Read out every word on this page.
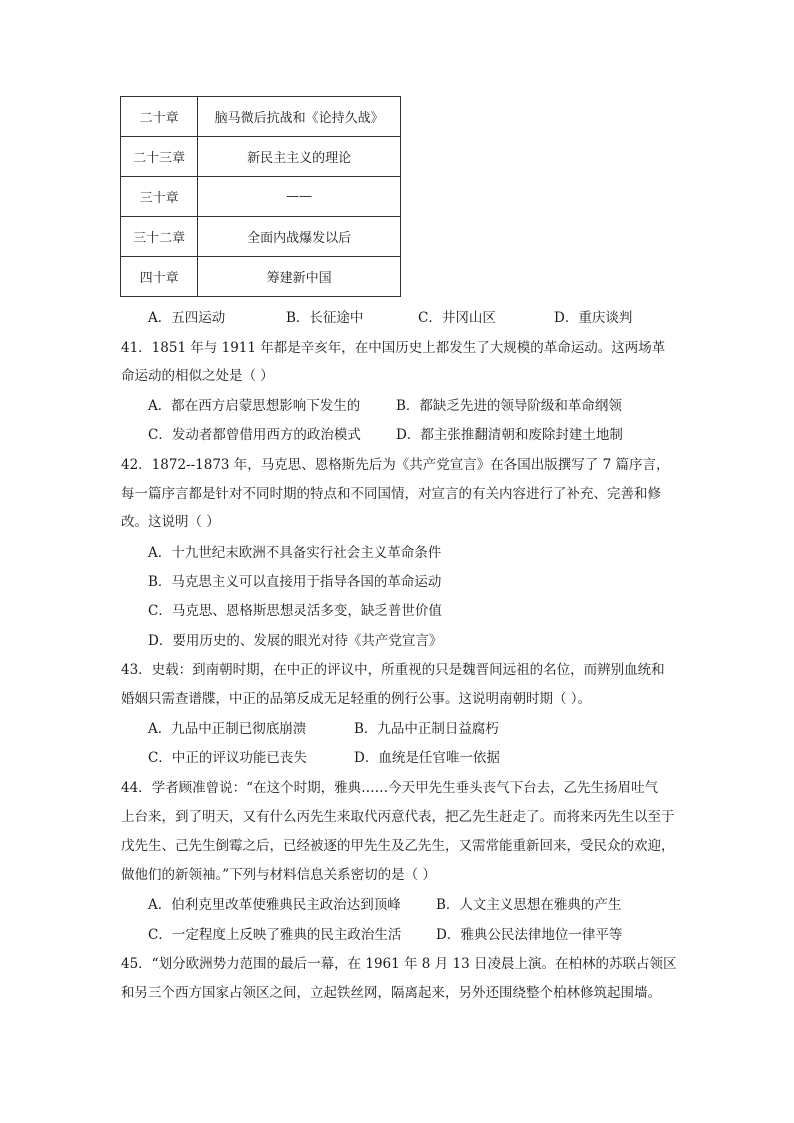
二十章	脑马微后抗战和《论持久战》
二十三章	新民主主义的理论
三十章	——
三十二章	全面内战爆发以后
四十章	筹建新中国
A．五四运动	B．长征途中	C．井冈山区	D．重庆谈判
41．1851 年与 1911 年都是辛亥年，在中国历史上都发生了大规模的革命运动。这两场革
命运动的相似之处是（ ）
A．都在西方启蒙思想影响下发生的	B．都缺乏先进的领导阶级和革命纲领
C．发动者都曾借用西方的政治模式	D．都主张推翻清朝和废除封建土地制
42．1872--1873 年，马克思、恩格斯先后为《共产党宣言》在各国出版撰写了 7 篇序言，
每一篇序言都是针对不同时期的特点和不同国情，对宣言的有关内容进行了补充、完善和修
改。这说明（ ）
A．十九世纪末欧洲不具备实行社会主义革命条件
B．马克思主义可以直接用于指导各国的革命运动
C．马克思、恩格斯思想灵活多变，缺乏普世价值
D．要用历史的、发展的眼光对待《共产党宣言》
43．史载：到南朝时期，在中正的评议中，所重视的只是魏晋间远祖的名位，而辨别血统和
婚姻只需查谱牒，中正的品第反成无足轻重的例行公事。这说明南朝时期（ ）。
A．九品中正制已彻底崩溃	B．九品中正制日益腐朽
C．中正的评议功能已丧失	D．血统是任官唯一依据
44．学者顾准曾说：“在这个时期，雅典……今天甲先生垂头丧气下台去，乙先生扬眉吐气
上台来，到了明天，又有什么丙先生来取代丙意代表，把乙先生赶走了。而将来丙先生以至于
戊先生、己先生倒霉之后，已经被逐的甲先生及乙先生，又需常能重新回来，受民众的欢迎，
做他们的新领袖。”下列与材料信息关系密切的是（ ）
A．伯利克里改革使雅典民主政治达到顶峰	B．人文主义思想在雅典的产生
C．一定程度上反映了雅典的民主政治生活	D．雅典公民法律地位一律平等
45．“划分欧洲势力范围的最后一幕，在 1961 年 8 月 13 日凌晨上演。在柏林的苏联占领区
和另三个西方国家占领区之间，立起铁丝网，隔离起来，另外还围绕整个柏林修筑起围墙。
